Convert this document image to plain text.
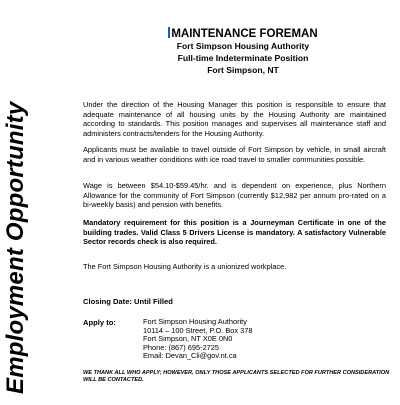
Employment Opportunity
MAINTENANCE FOREMAN
Fort Simpson Housing Authority
Full-time Indeterminate Position
Fort Simpson, NT

Under the direction of the Housing Manager this position is responsible to ensure that adequate maintenance of all housing units by the Housing Authority are maintained according to standards. This position manages and supervises all maintenance staff and administers contracts/tenders for the Housing Authority.

Applicants must be available to travel outside of Fort Simpson by vehicle, in small aircraft and in various weather conditions with ice road travel to smaller communities possible.

Wage is between $54.10-$59.45/hr. and is dependent on experience, plus Northern Allowance for the community of Fort Simpson (currently $12,982 per annum pro-rated on a bi-weekly basis) and pension with benefits.

Mandatory requirement for this position is a Journeyman Certificate in one of the building trades. Valid Class 5 Drivers License is mandatory. A satisfactory Vulnerable Sector records check is also required.

The Fort Simpson Housing Authority is a unionized workplace.

Closing Date: Until Filled
Apply to:	Fort Simpson Housing Authority
10114 – 100 Street, P.O. Box 378
Fort Simpson, NT X0E 0N0
Phone: (867) 695-2725
Email: Devan_Cli@gov.nt.ca
WE THANK ALL WHO APPLY; HOWEVER, ONLY THOSE APPLICANTS SELECTED FOR FURTHER CONSIDERATION WILL BE CONTACTED.
